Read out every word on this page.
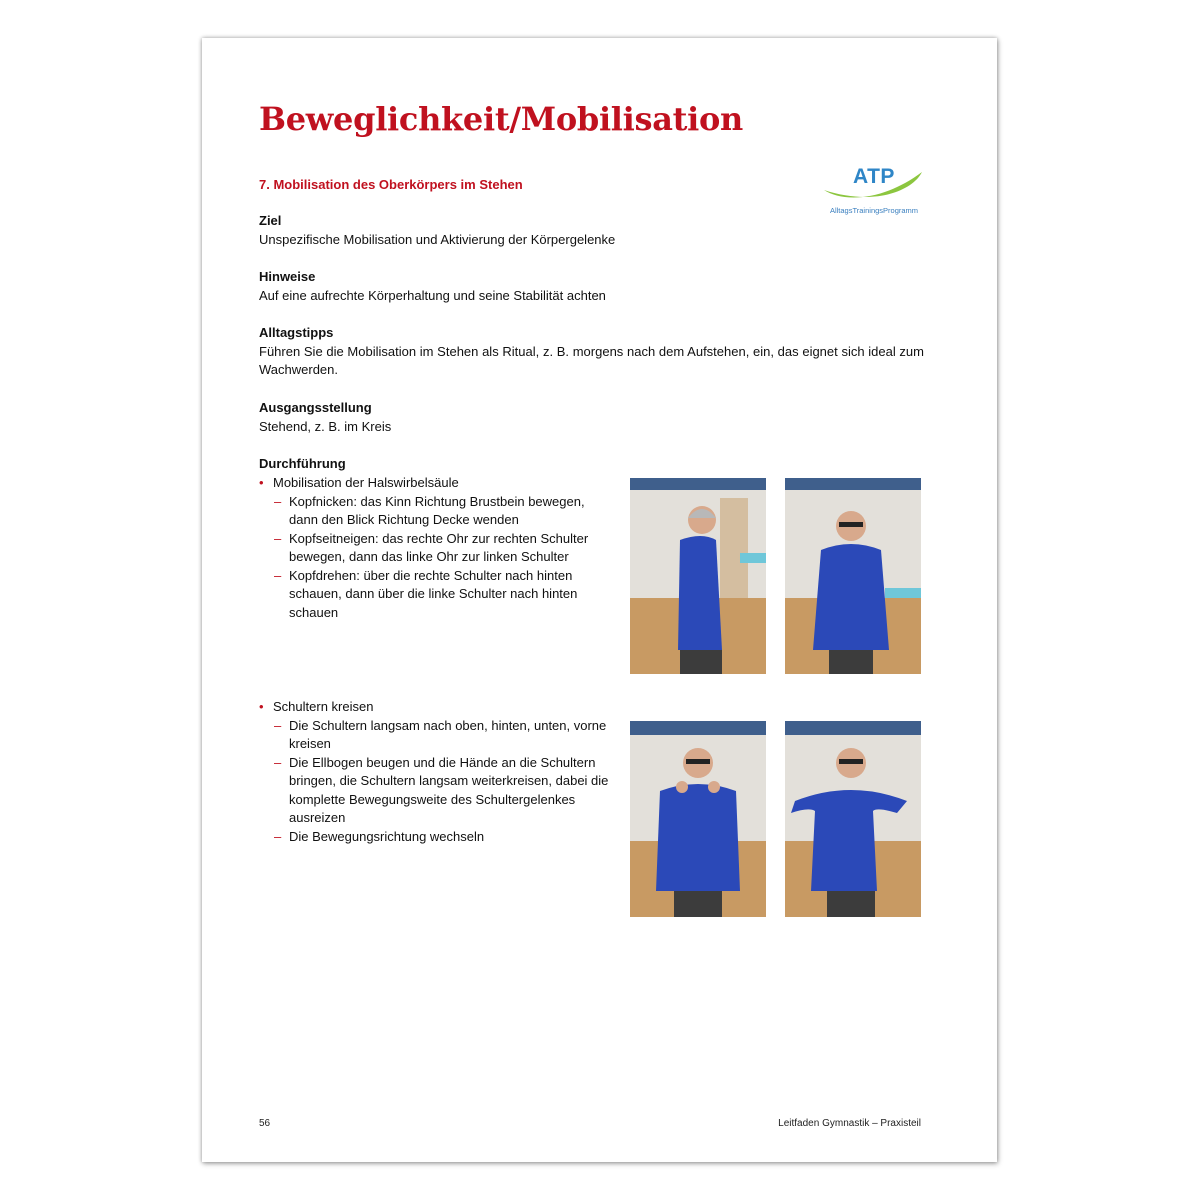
Beweglichkeit/Mobilisation
7. Mobilisation des Oberkörpers im Stehen	ATP
AlltagsTrainingsProgramm
Ziel
Unspezifische Mobilisation und Aktivierung der Körpergelenke
Hinweise
Auf eine aufrechte Körperhaltung und seine Stabilität achten
Alltagstipps
Führen Sie die Mobilisation im Stehen als Ritual, z. B. morgens nach dem Aufstehen, ein, das eignet sich ideal zum Wachwerden.
Ausgangsstellung
Stehend, z. B. im Kreis
Durchführung
• Mobilisation der Halswirbelsäule
– Kopfnicken: das Kinn Richtung Brustbein bewegen, dann den Blick Richtung Decke wenden
– Kopfseitneigen: das rechte Ohr zur rechten Schulter bewegen, dann das linke Ohr zur linken Schulter
– Kopfdrehen: über die rechte Schulter nach hinten schauen, dann über die linke Schulter nach hinten schauen
• Schultern kreisen
– Die Schultern langsam nach oben, hinten, unten, vorne kreisen
– Die Ellbogen beugen und die Hände an die Schultern bringen, die Schultern langsam weiterkreisen, dabei die komplette Bewegungsweite des Schultergelenkes ausreizen
– Die Bewegungsrichtung wechseln
56	Leitfaden Gymnastik – Praxisteil
